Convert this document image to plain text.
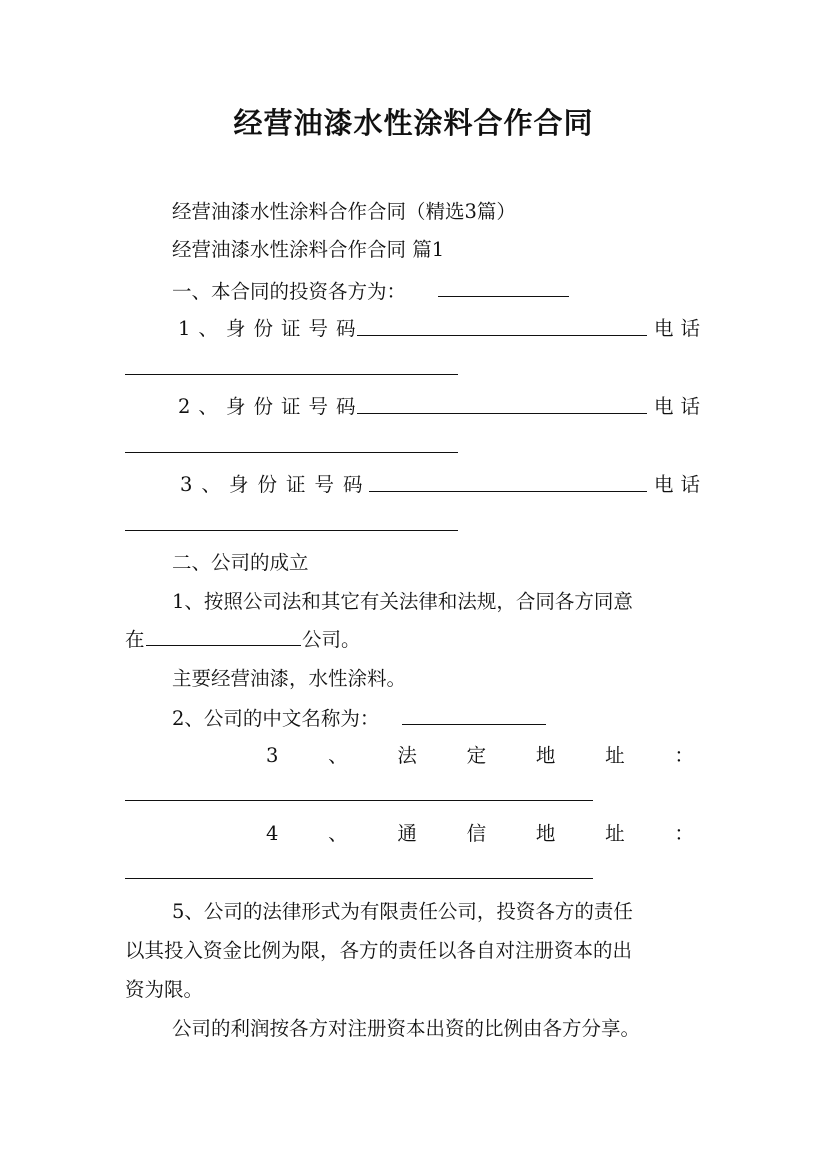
经营油漆水性涂料合作合同
经营油漆水性涂料合作合同（精选3篇）
经营油漆水性涂料合作合同 篇1
一、本合同的投资各方为：
1、 身份证号码	电话
2、 身份证号码	电话
3、 身份证号码	电话
二、公司的成立
1、按照公司法和其它有关法律和法规，合同各方同意
在	公司。
主要经营油漆，水性涂料。
2、公司的中文名称为：
3	、	法	定	地	址	：
4	、	通	信	地	址	：
5、公司的法律形式为有限责任公司，投资各方的责任
以其投入资金比例为限，各方的责任以各自对注册资本的出
资为限。
公司的利润按各方对注册资本出资的比例由各方分享。
